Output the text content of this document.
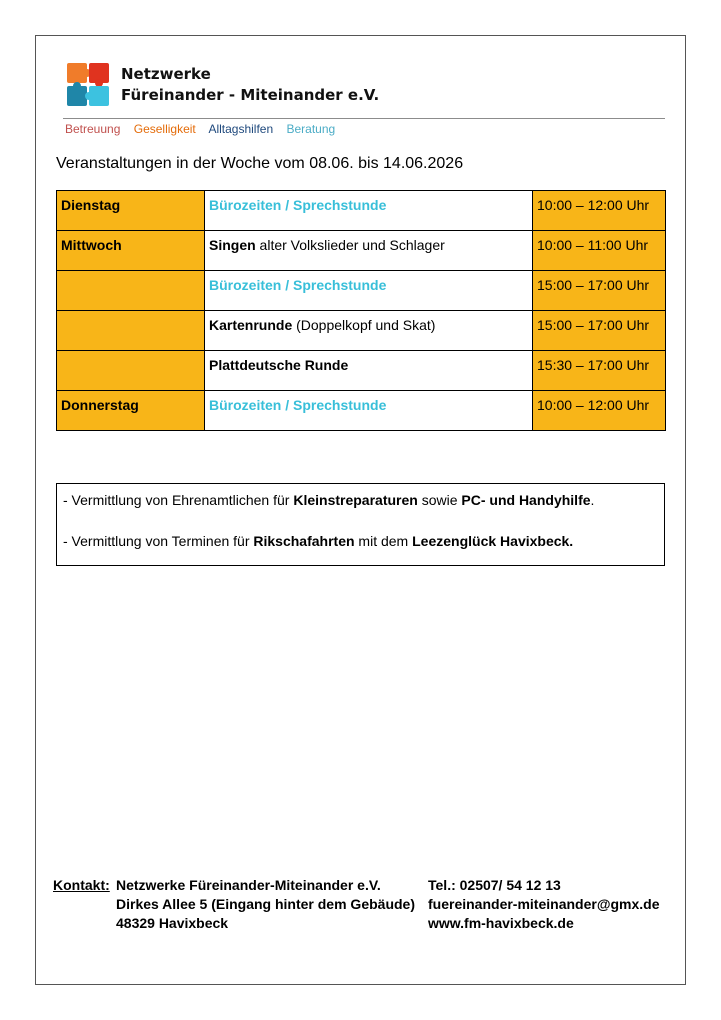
Netzwerke
Füreinander - Miteinander e.V.
Betreuung Geselligkeit Alltagshilfen Beratung
Veranstaltungen in der Woche vom 08.06. bis 14.06.2026
Dienstag	Bürozeiten / Sprechstunde	10:00 – 12:00 Uhr
Mittwoch	Singen alter Volkslieder und Schlager	10:00 – 11:00 Uhr
	Bürozeiten / Sprechstunde	15:00 – 17:00 Uhr
	Kartenrunde (Doppelkopf und Skat)	15:00 – 17:00 Uhr
	Plattdeutsche Runde	15:30 – 17:00 Uhr
Donnerstag	Bürozeiten / Sprechstunde	10:00 – 12:00 Uhr

- Vermittlung von Ehrenamtlichen für Kleinstreparaturen sowie PC- und Handyhilfe.

- Vermittlung von Terminen für Rikschafahrten mit dem Leezenglück Havixbeck.

Kontakt: Netzwerke Füreinander-Miteinander e.V.
Dirkes Allee 5 (Eingang hinter dem Gebäude)
48329 Havixbeck
Tel.: 02507/ 54 12 13
fuereinander-miteinander@gmx.de
www.fm-havixbeck.de
